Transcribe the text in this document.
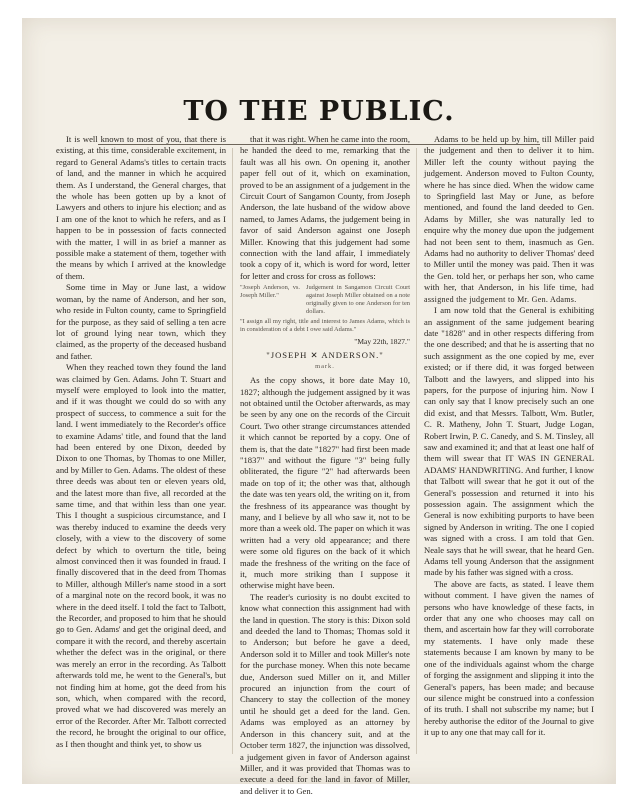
TO THE PUBLIC.

It is well known to most of you, that there is existing, at this time, considerable excitement, in regard to General Adams's titles to certain tracts of land, and the manner in which he acquired them. As I understand, the General charges, that the whole has been gotten up by a knot of Lawyers and others to injure his election; and as I am one of the knot to which he refers, and as I happen to be in possession of facts connected with the matter, I will in as brief a manner as possible make a statement of them, together with the means by which I arrived at the knowledge of them.

Some time in May or June last, a widow woman, by the name of Anderson, and her son, who reside in Fulton county, came to Springfield for the purpose, as they said of selling a ten acre lot of ground lying near town, which they claimed, as the property of the deceased husband and father.

When they reached town they found the land was claimed by Gen. Adams. John T. Stuart and myself were employed to look into the matter, and if it was thought we could do so with any prospect of success, to commence a suit for the land. I went immediately to the Recorder's office to examine Adams' title, and found that the land had been entered by one Dixon, deeded by Dixon to one Thomas, by Thomas to one Miller, and by Miller to Gen. Adams. The oldest of these three deeds was about ten or eleven years old, and the latest more than five, all recorded at the same time, and that within less than one year. This I thought a suspicious circumstance, and I was thereby induced to examine the deeds very closely, with a view to the discovery of some defect by which to overturn the title, being almost convinced then it was founded in fraud. I finally discovered that in the deed from Thomas to Miller, although Miller's name stood in a sort of a marginal note on the record book, it was no where in the deed itself. I told the fact to Talbott, the Recorder, and proposed to him that he should go to Gen. Adams' and get the original deed, and compare it with the record, and thereby ascertain whether the defect was in the original, or there was merely an error in the recording. As Talbott afterwards told me, he went to the General's, but not finding him at home, got the deed from his son, which, when compared with the record, proved what we had discovered was merely an error of the Recorder. After Mr. Talbott corrected the record, he brought the original to our office, as I then thought and think yet, to show us

that it was right. When he came into the room, he handed the deed to me, remarking that the fault was all his own. On opening it, another paper fell out of it, which on examination, proved to be an assignment of a judgement in the Circuit Court of Sangamon County, from Joseph Anderson, the late husband of the widow above named, to James Adams, the judgement being in favor of said Anderson against one Joseph Miller. Knowing that this judgement had some connection with the land affair, I immediately took a copy of it, which is word for word, letter for letter and cross for cross as follows:

"Joseph Anderson, vs. Joseph Miller."
Judgement in Sangamon Circuit Court against Joseph Miller obtained on a note originally given to one Anderson for ten dollars.
"I assign all my right, title and interest to James Adams, which is in consideration of a debt I owe said Adams."
"May 22th, 1827."
"JOSEPH ✕ ANDERSON."
mark.

As the copy shows, it bore date May 10, 1827; although the judgement assigned by it was not obtained until the October afterwards, as may be seen by any one on the records of the Circuit Court. Two other strange circumstances attended it which cannot be reported by a copy. One of them is, that the date "1827" had first been made "1837" and without the figure "3" being fully obliterated, the figure "2" had afterwards been made on top of it; the other was that, although the date was ten years old, the writing on it, from the freshness of its appearance was thought by many, and I believe by all who saw it, not to be more than a week old. The paper on which it was written had a very old appearance; and there were some old figures on the back of it which made the freshness of the writing on the face of it, much more striking than I suppose it otherwise might have been.

The reader's curiosity is no doubt excited to know what connection this assignment had with the land in question. The story is this: Dixon sold and deeded the land to Thomas; Thomas sold it to Anderson; but before he gave a deed, Anderson sold it to Miller and took Miller's note for the purchase money. When this note became due, Anderson sued Miller on it, and Miller procured an injunction from the court of Chancery to stay the collection of the money until he should get a deed for the land. Gen. Adams was employed as an attorney by Anderson in this chancery suit, and at the October term 1827, the injunction was dissolved, a judgement given in favor of Anderson against Miller, and it was provided that Thomas was to execute a deed for the land in favor of Miller, and deliver it to Gen.

Adams to be held up by him, till Miller paid the judgement and then to deliver it to him. Miller left the county without paying the judgement. Anderson moved to Fulton County, where he has since died. When the widow came to Springfield last May or June, as before mentioned, and found the land deeded to Gen. Adams by Miller, she was naturally led to enquire why the money due upon the judgement had not been sent to them, inasmuch as Gen. Adams had no authority to deliver Thomas' deed to Miller until the money was paid. Then it was the Gen. told her, or perhaps her son, who came with her, that Anderson, in his life time, had assigned the judgement to Mr. Gen. Adams.

I am now told that the General is exhibiting an assignment of the same judgement bearing date "1828" and in other respects differing from the one described; and that he is asserting that no such assignment as the one copied by me, ever existed; or if there did, it was forged between Talbott and the lawyers, and slipped into his papers, for the purpose of injuring him. Now I can only say that I know precisely such an one did exist, and that Messrs. Talbott, Wm. Butler, C. R. Matheny, John T. Stuart, Judge Logan, Robert Irwin, P. C. Canedy, and S. M. Tinsley, all saw and examined it; and that at least one half of them will swear that IT WAS IN GENERAL ADAMS' HANDWRITING. And further, I know that Talbott will swear that he got it out of the General's possession and returned it into his possession again. The assignment which the General is now exhibiting purports to have been signed by Anderson in writing. The one I copied was signed with a cross. I am told that Gen. Neale says that he will swear, that he heard Gen. Adams tell young Anderson that the assignment made by his father was signed with a cross.

The above are facts, as stated. I leave them without comment. I have given the names of persons who have knowledge of these facts, in order that any one who chooses may call on them, and ascertain how far they will corroborate my statements. I have only made these statements because I am known by many to be one of the individuals against whom the charge of forging the assignment and slipping it into the General's papers, has been made; and because our silence might be construed into a confession of its truth. I shall not subscribe my name; but I hereby authorise the editor of the Journal to give it up to any one that may call for it.
